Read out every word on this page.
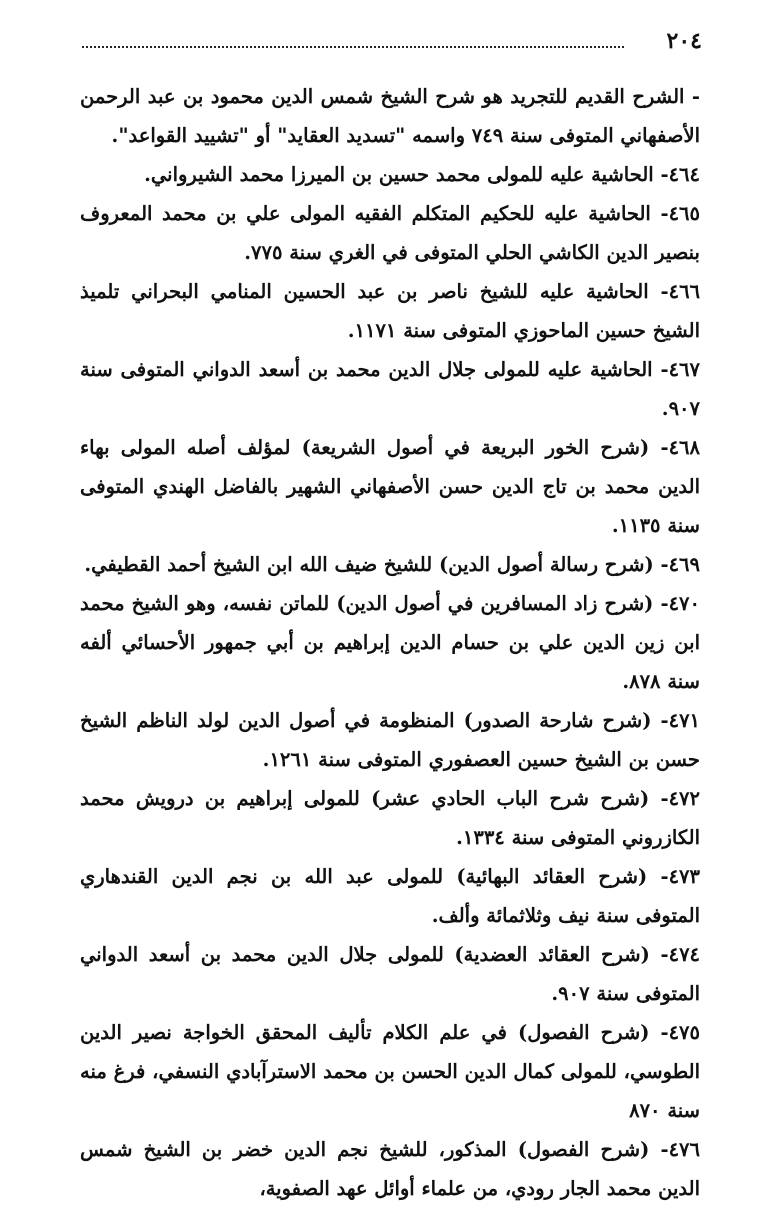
٢٠٤

- الشرح القديم للتجريد هو شرح الشيخ شمس الدين محمود بن عبد الرحمن الأصفهاني المتوفى سنة ٧٤٩ واسمه "تسديد العقايد" أو "تشييد القواعد".

٤٦٤- الحاشية عليه للمولى محمد حسين بن الميرزا محمد الشيرواني.

٤٦٥- الحاشية عليه للحكيم المتكلم الفقيه المولى علي بن محمد المعروف بنصير الدين الكاشي الحلي المتوفى في الغري سنة ٧٧٥.

٤٦٦- الحاشية عليه للشيخ ناصر بن عبد الحسين المنامي البحراني تلميذ الشيخ حسين الماحوزي المتوفى سنة ١١٧١.

٤٦٧- الحاشية عليه للمولى جلال الدين محمد بن أسعد الدواني المتوفى سنة ٩٠٧.

٤٦٨- (شرح الخور البريعة في أصول الشريعة) لمؤلف أصله المولى بهاء الدين محمد بن تاج الدين حسن الأصفهاني الشهير بالفاضل الهندي المتوفى سنة ١١٣٥.

٤٦٩- (شرح رسالة أصول الدين) للشيخ ضيف الله ابن الشيخ أحمد القطيفي.

٤٧٠- (شرح زاد المسافرين في أصول الدين) للماتن نفسه، وهو الشيخ محمد ابن زين الدين علي بن حسام الدين إبراهيم بن أبي جمهور الأحسائي ألفه سنة ٨٧٨.

٤٧١- (شرح شارحة الصدور) المنظومة في أصول الدين لولد الناظم الشيخ حسن بن الشيخ حسين العصفوري المتوفى سنة ١٢٦١.

٤٧٢- (شرح شرح الباب الحادي عشر) للمولى إبراهيم بن درويش محمد الكازروني المتوفى سنة ١٣٣٤.

٤٧٣- (شرح العقائد البهائية) للمولى عبد الله بن نجم الدين القندهاري المتوفى سنة نيف وثلاثمائة وألف.

٤٧٤- (شرح العقائد العضدية) للمولى جلال الدين محمد بن أسعد الدواني المتوفى سنة ٩٠٧.

٤٧٥- (شرح الفصول) في علم الكلام تأليف المحقق الخواجة نصير الدين الطوسي، للمولى كمال الدين الحسن بن محمد الاسترآبادي النسفي، فرغ منه سنة ٨٧٠

٤٧٦- (شرح الفصول) المذكور، للشيخ نجم الدين خضر بن الشيخ شمس الدين محمد الجار رودي، من علماء أوائل عهد الصفوية،
